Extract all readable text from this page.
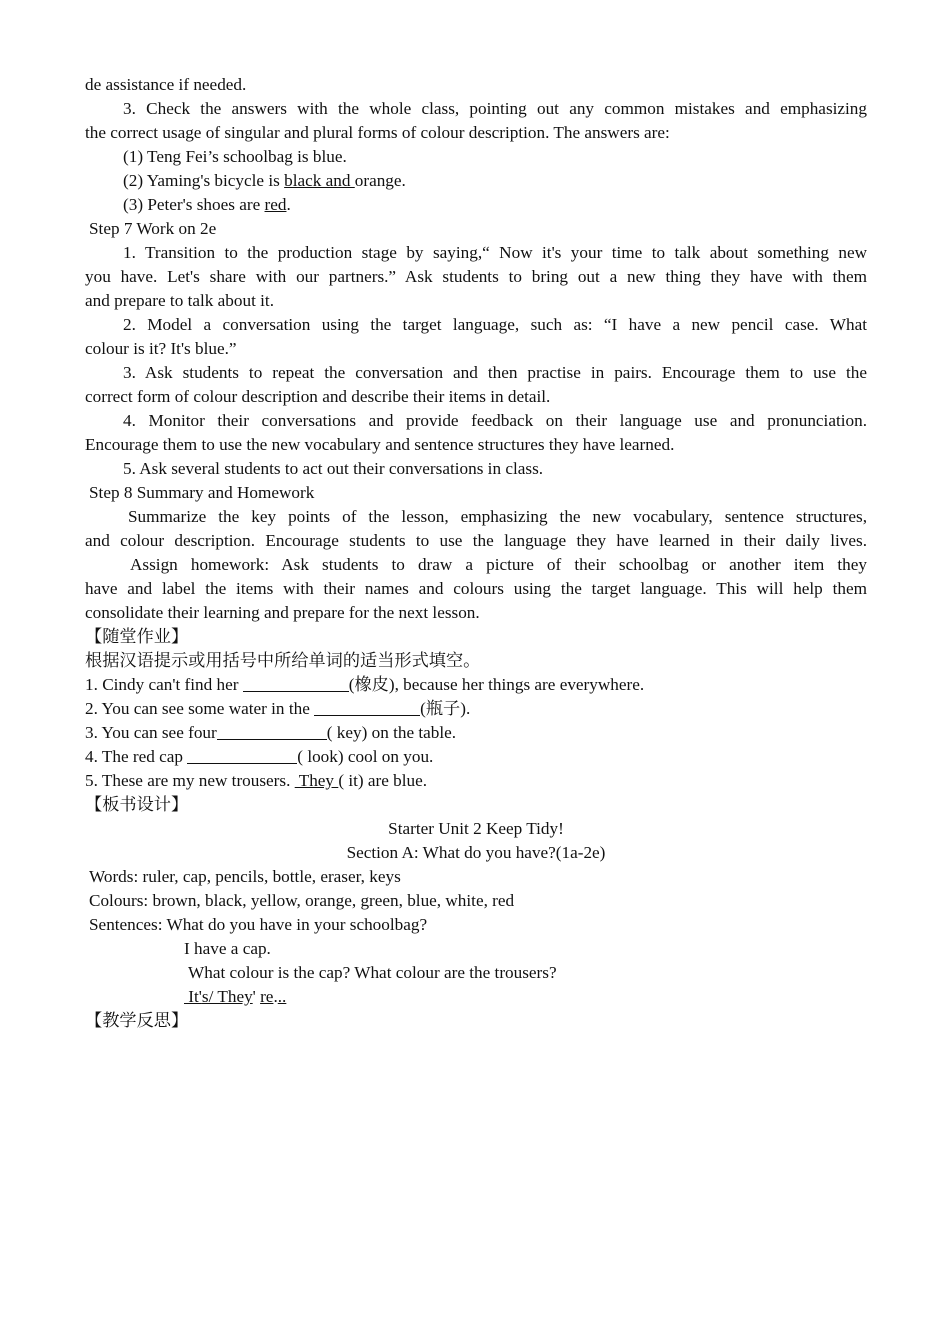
de assistance if needed.
3. Check the answers with the whole class, pointing out any common mistakes and emphasizing
the correct usage of singular and plural forms of colour description. The answers are:
(1) Teng Fei’s schoolbag is blue.
(2) Yaming's bicycle is black and orange.
(3) Peter's shoes are red.
Step 7 Work on 2e
1. Transition to the production stage by saying,“ Now it's your time to talk about something new
you have. Let's share with our partners.” Ask students to bring out a new thing they have with them
and prepare to talk about it.
2. Model a conversation using the target language, such as: “I have a new pencil case. What
colour is it? It's blue.”
3. Ask students to repeat the conversation and then practise in pairs. Encourage them to use the
correct form of colour description and describe their items in detail.
4. Monitor their conversations and provide feedback on their language use and pronunciation.
Encourage them to use the new vocabulary and sentence structures they have learned.
5. Ask several students to act out their conversations in class.
Step 8 Summary and Homework
Summarize the key points of the lesson, emphasizing the new vocabulary, sentence structures,
and colour description. Encourage students to use the language they have learned in their daily lives.
Assign homework: Ask students to draw a picture of their schoolbag or another item they
have and label the items with their names and colours using the target language. This will help them
consolidate their learning and prepare for the next lesson.
【随堂作业】
根据汉语提示或用括号中所给单词的适当形式填空。
1. Cindy can't find her	(橡皮), because her things are everywhere.
2. You can see some water in the	(瓶子).
3. You can see four	( key) on the table.
4. The red cap	( look) cool on you.
5. These are my new trousers.  They ( it) are blue.
【板书设计】
Starter Unit 2 Keep Tidy!
Section A: What do you have?(1a-2e)
Words: ruler, cap, pencils, bottle, eraser, keys
Colours: brown, black, yellow, orange, green, blue, white, red
Sentences: What do you have in your schoolbag?
I have a cap.
What colour is the cap? What colour are the trousers?
It's/ They' re...
【教学反思】
